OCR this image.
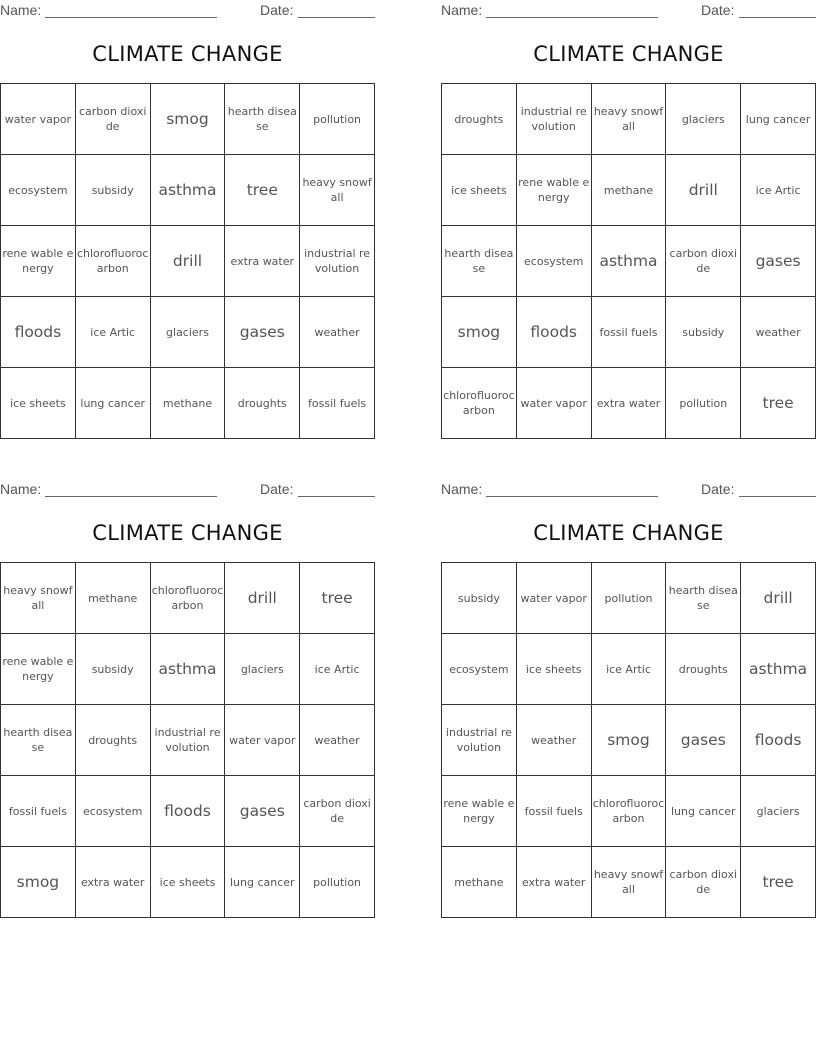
Name:	Date:
CLIMATE CHANGE
water vapor	carbon dioxide	smog	hearth disease	pollution
ecosystem	subsidy	asthma	tree	heavy snowfall
rene wable energy	chlorofluorocarbon	drill	extra water	industrial revolution
floods	ice Artic	glaciers	gases	weather
ice sheets	lung cancer	methane	droughts	fossil fuels
Name:	Date:
CLIMATE CHANGE
droughts	industrial revolution	heavy snowfall	glaciers	lung cancer
ice sheets	rene wable energy	methane	drill	ice Artic
hearth disease	ecosystem	asthma	carbon dioxide	gases
smog	floods	fossil fuels	subsidy	weather
chlorofluorocarbon	water vapor	extra water	pollution	tree
Name:	Date:
CLIMATE CHANGE
heavy snowfall	methane	chlorofluorocarbon	drill	tree
rene wable energy	subsidy	asthma	glaciers	ice Artic
hearth disease	droughts	industrial revolution	water vapor	weather
fossil fuels	ecosystem	floods	gases	carbon dioxide
smog	extra water	ice sheets	lung cancer	pollution
Name:	Date:
CLIMATE CHANGE
subsidy	water vapor	pollution	hearth disease	drill
ecosystem	ice sheets	ice Artic	droughts	asthma
industrial revolution	weather	smog	gases	floods
rene wable energy	fossil fuels	chlorofluorocarbon	lung cancer	glaciers
methane	extra water	heavy snowfall	carbon dioxide	tree
